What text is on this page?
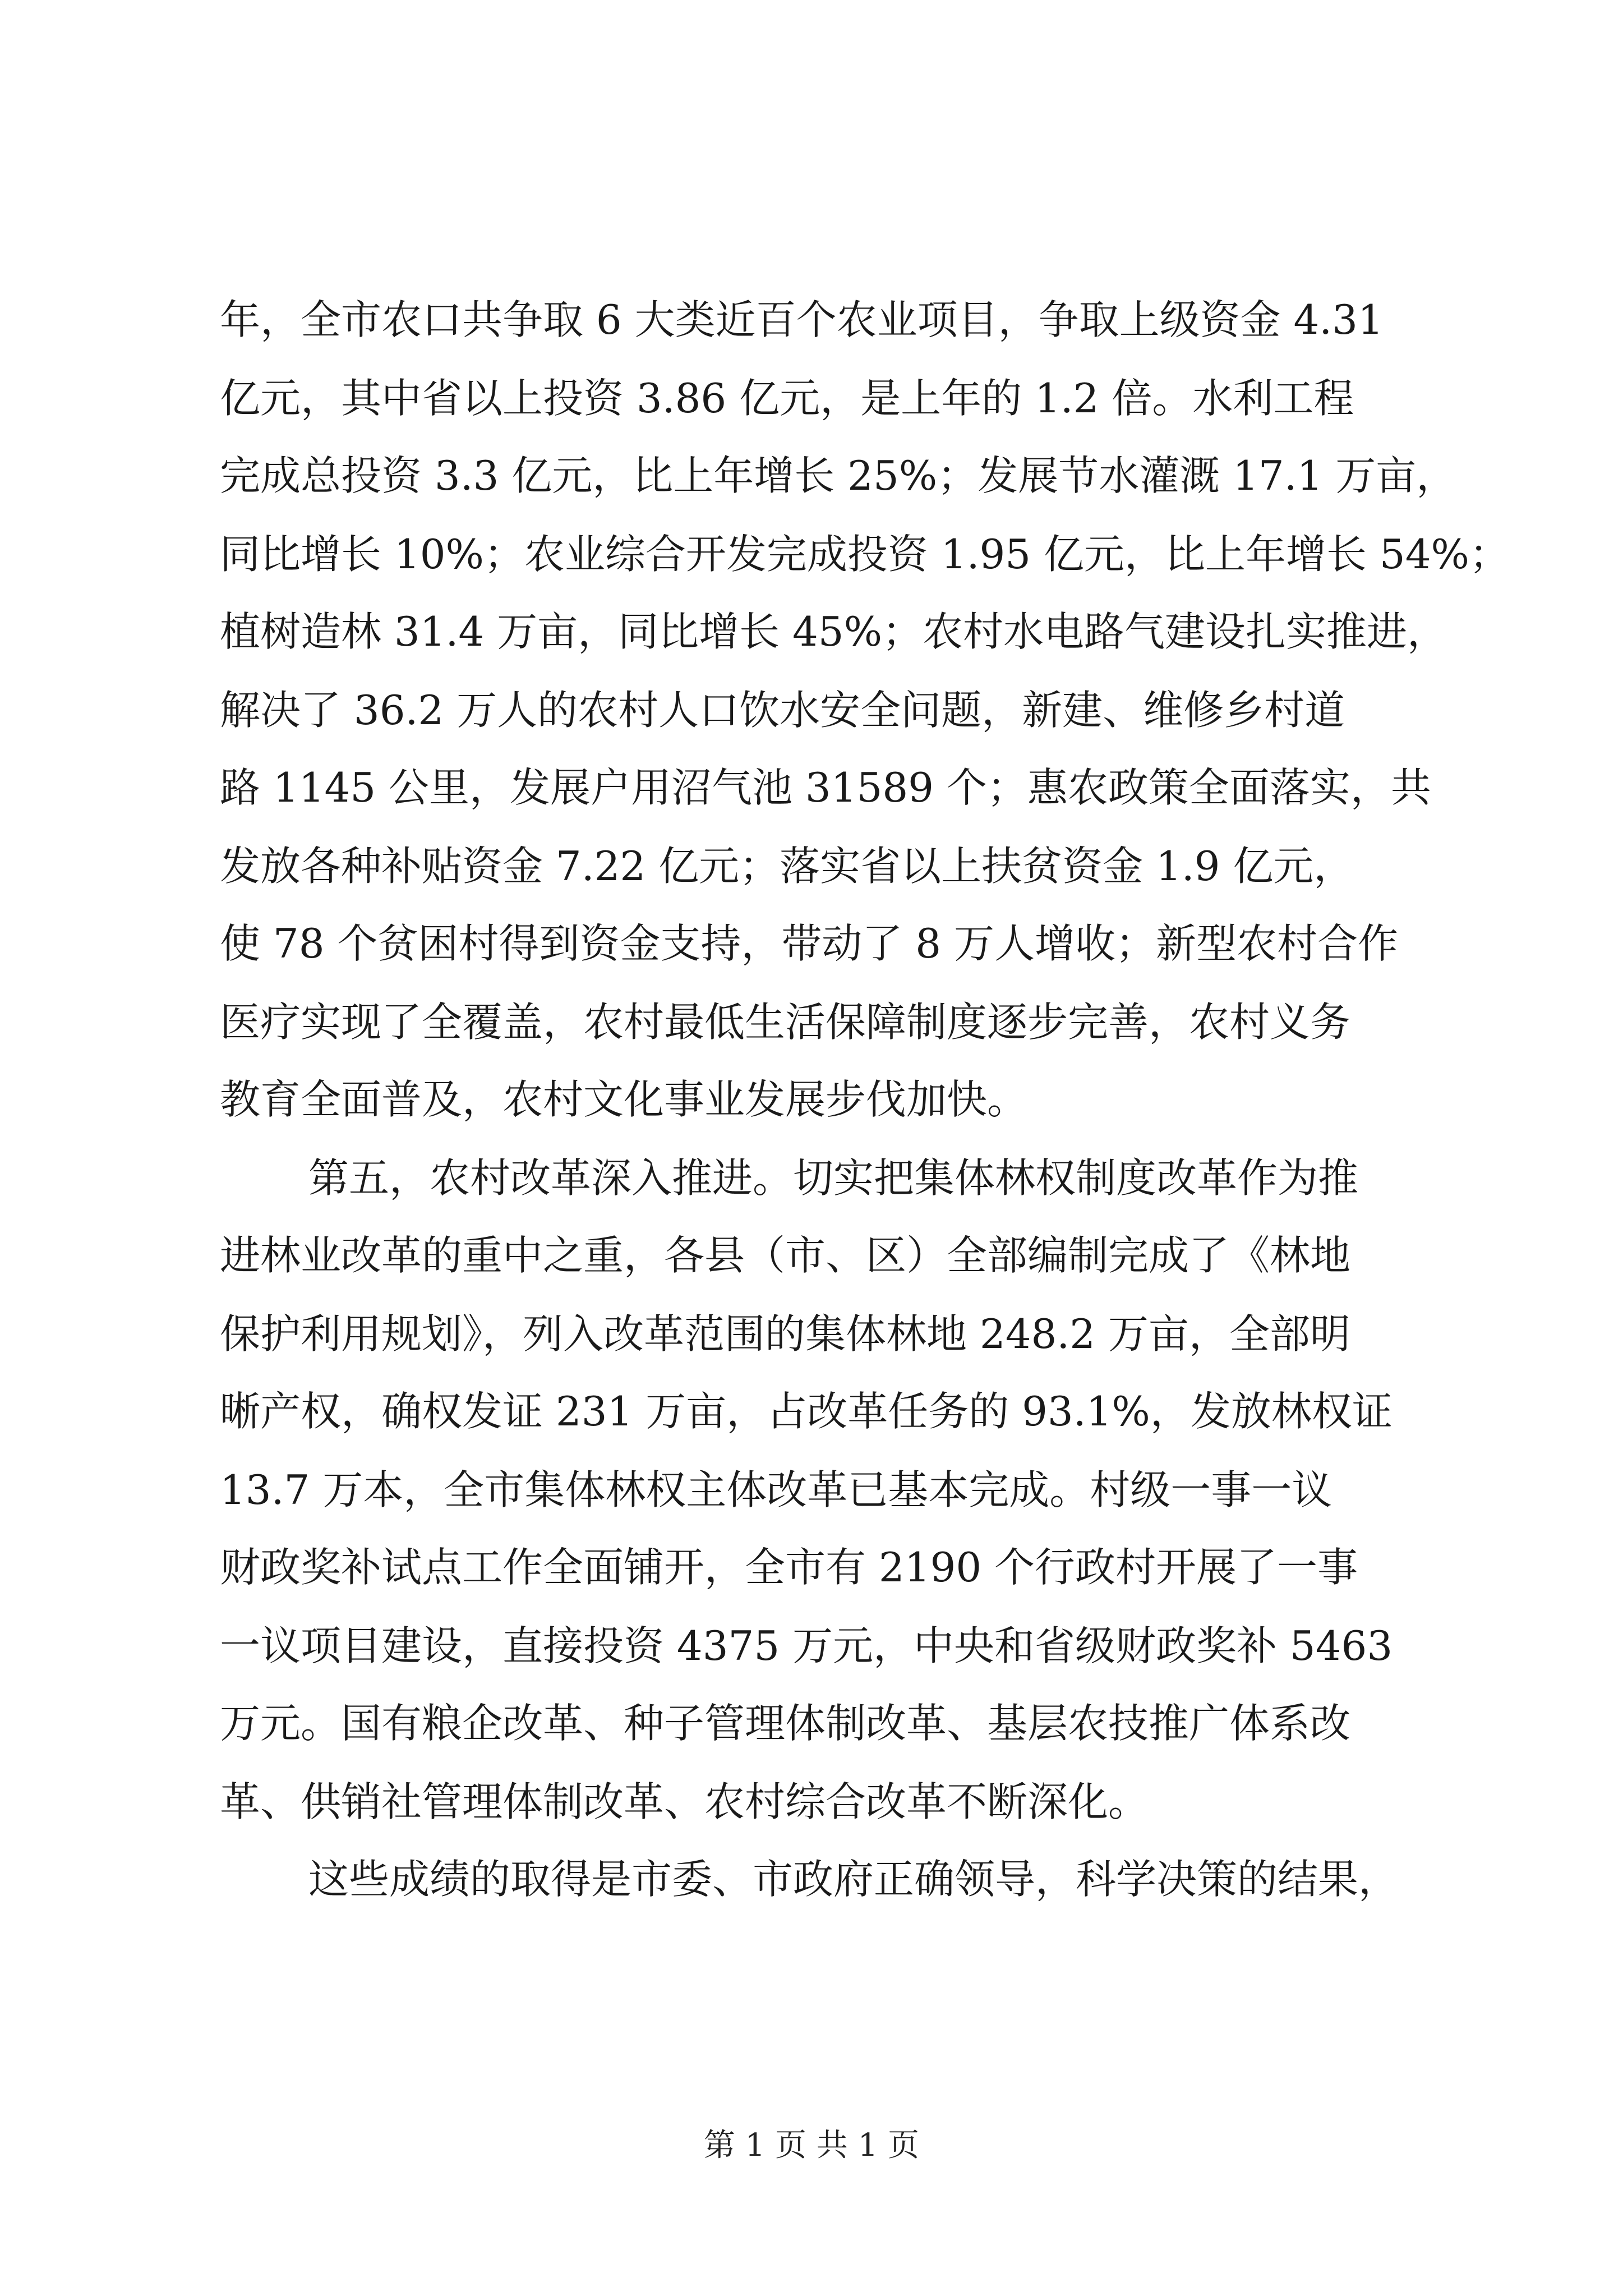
年，全市农口共争取 6 大类近百个农业项目，争取上级资金 4.31
亿元，其中省以上投资 3.86 亿元，是上年的 1.2 倍。水利工程
完成总投资 3.3 亿元，比上年增长 25%；发展节水灌溉 17.1 万亩，
同比增长 10%；农业综合开发完成投资 1.95 亿元，比上年增长 54%；
植树造林 31.4 万亩，同比增长 45%；农村水电路气建设扎实推进，
解决了 36.2 万人的农村人口饮水安全问题，新建、维修乡村道
路 1145 公里，发展户用沼气池 31589 个；惠农政策全面落实，共
发放各种补贴资金 7.22 亿元；落实省以上扶贫资金 1.9 亿元，
使 78 个贫困村得到资金支持，带动了 8 万人增收；新型农村合作
医疗实现了全覆盖，农村最低生活保障制度逐步完善，农村义务
教育全面普及，农村文化事业发展步伐加快。
第五，农村改革深入推进。切实把集体林权制度改革作为推
进林业改革的重中之重，各县（市、区）全部编制完成了《林地
保护利用规划》，列入改革范围的集体林地 248.2 万亩，全部明
晰产权，确权发证 231 万亩，占改革任务的 93.1%，发放林权证
13.7 万本，全市集体林权主体改革已基本完成。村级一事一议
财政奖补试点工作全面铺开，全市有 2190 个行政村开展了一事
一议项目建设，直接投资 4375 万元，中央和省级财政奖补 5463
万元。国有粮企改革、种子管理体制改革、基层农技推广体系改
革、供销社管理体制改革、农村综合改革不断深化。
这些成绩的取得是市委、市政府正确领导，科学决策的结果，
第 1 页 共 1 页
